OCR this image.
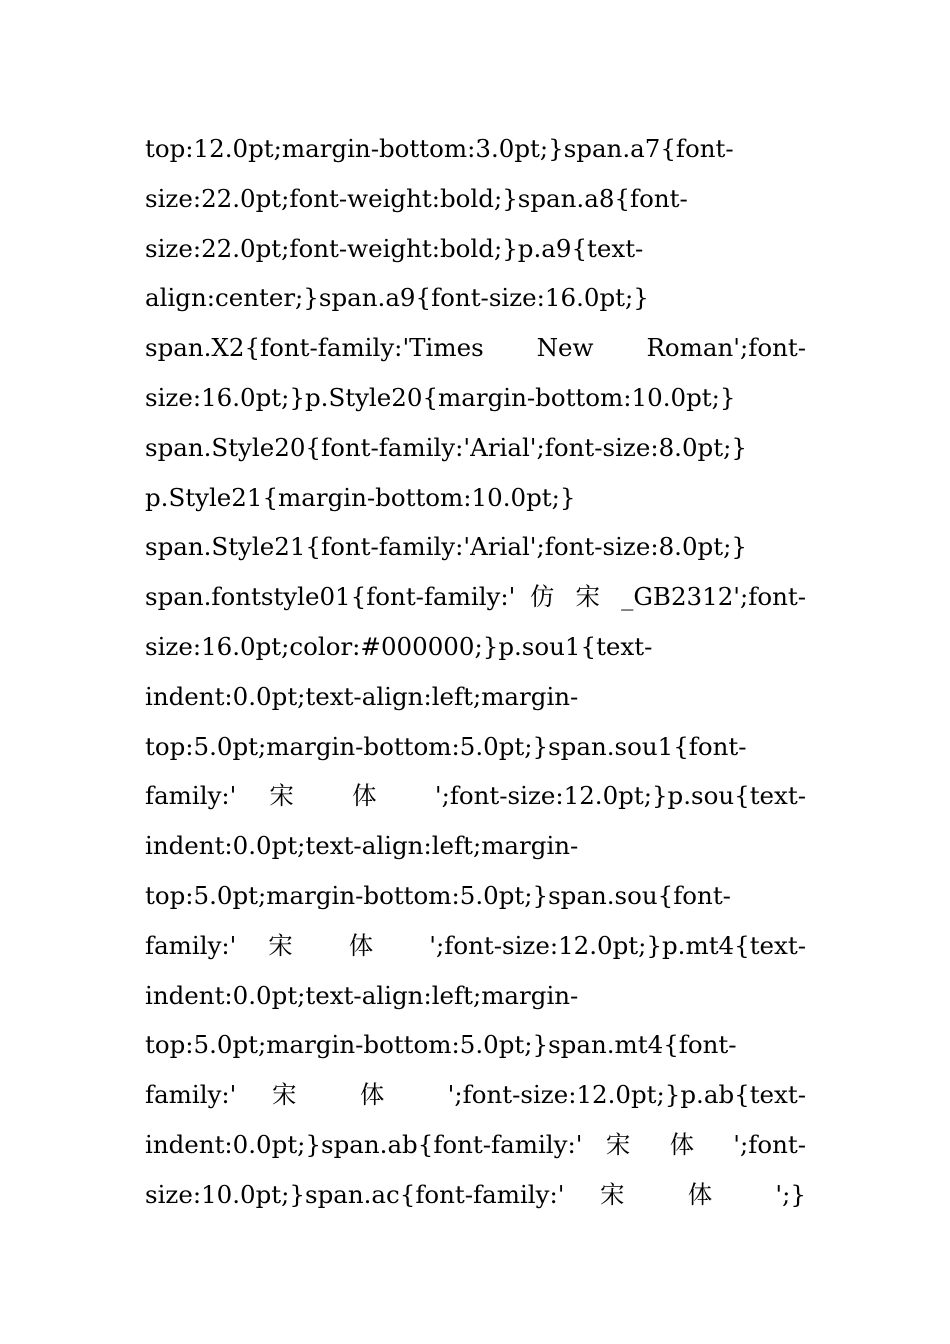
top:12.0pt;margin-bottom:3.0pt;}span.a7{font-
size:22.0pt;font-weight:bold;}span.a8{font-
size:22.0pt;font-weight:bold;}p.a9{text-
align:center;}span.a9{font-size:16.0pt;}
span.X2{font-family:'Times New Roman';font-
size:16.0pt;}p.Style20{margin-bottom:10.0pt;}
span.Style20{font-family:'Arial';font-size:8.0pt;}
p.Style21{margin-bottom:10.0pt;}
span.Style21{font-family:'Arial';font-size:8.0pt;}
span.fontstyle01{font-family:' 仿 宋 _GB2312';font-
size:16.0pt;color:#000000;}p.sou1{text-
indent:0.0pt;text-align:left;margin-
top:5.0pt;margin-bottom:5.0pt;}span.sou1{font-
family:' 宋 体 ';font-size:12.0pt;}p.sou{text-
indent:0.0pt;text-align:left;margin-
top:5.0pt;margin-bottom:5.0pt;}span.sou{font-
family:' 宋 体 ';font-size:12.0pt;}p.mt4{text-
indent:0.0pt;text-align:left;margin-
top:5.0pt;margin-bottom:5.0pt;}span.mt4{font-
family:' 宋 体 ';font-size:12.0pt;}p.ab{text-
indent:0.0pt;}span.ab{font-family:' 宋 体 ';font-
size:10.0pt;}span.ac{font-family:' 宋 体 ';}
